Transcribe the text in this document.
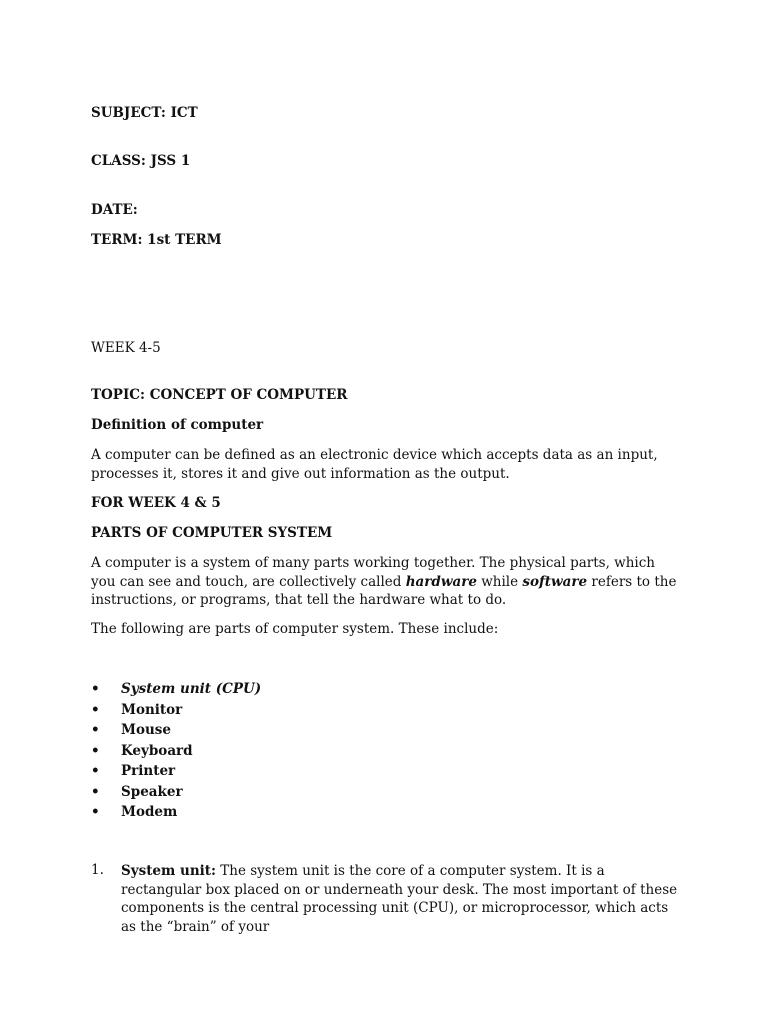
SUBJECT: ICT
CLASS: JSS 1
DATE:
TERM: 1st TERM
WEEK 4-5
TOPIC: CONCEPT OF COMPUTER
Definition of computer
A computer can be defined as an electronic device which accepts data as an input, processes it, stores it and give out information as the output.
FOR WEEK 4 & 5
PARTS OF COMPUTER SYSTEM
A computer is a system of many parts working together. The physical parts, which you can see and touch, are collectively called hardware while software refers to the instructions, or programs, that tell the hardware what to do.
The following are parts of computer system. These include:
• System unit (CPU)
• Monitor
• Mouse
• Keyboard
• Printer
• Speaker
• Modem
1. System unit: The system unit is the core of a computer system. It is a rectangular box placed on or underneath your desk. The most important of these components is the central processing unit (CPU), or microprocessor, which acts as the “brain” of your
